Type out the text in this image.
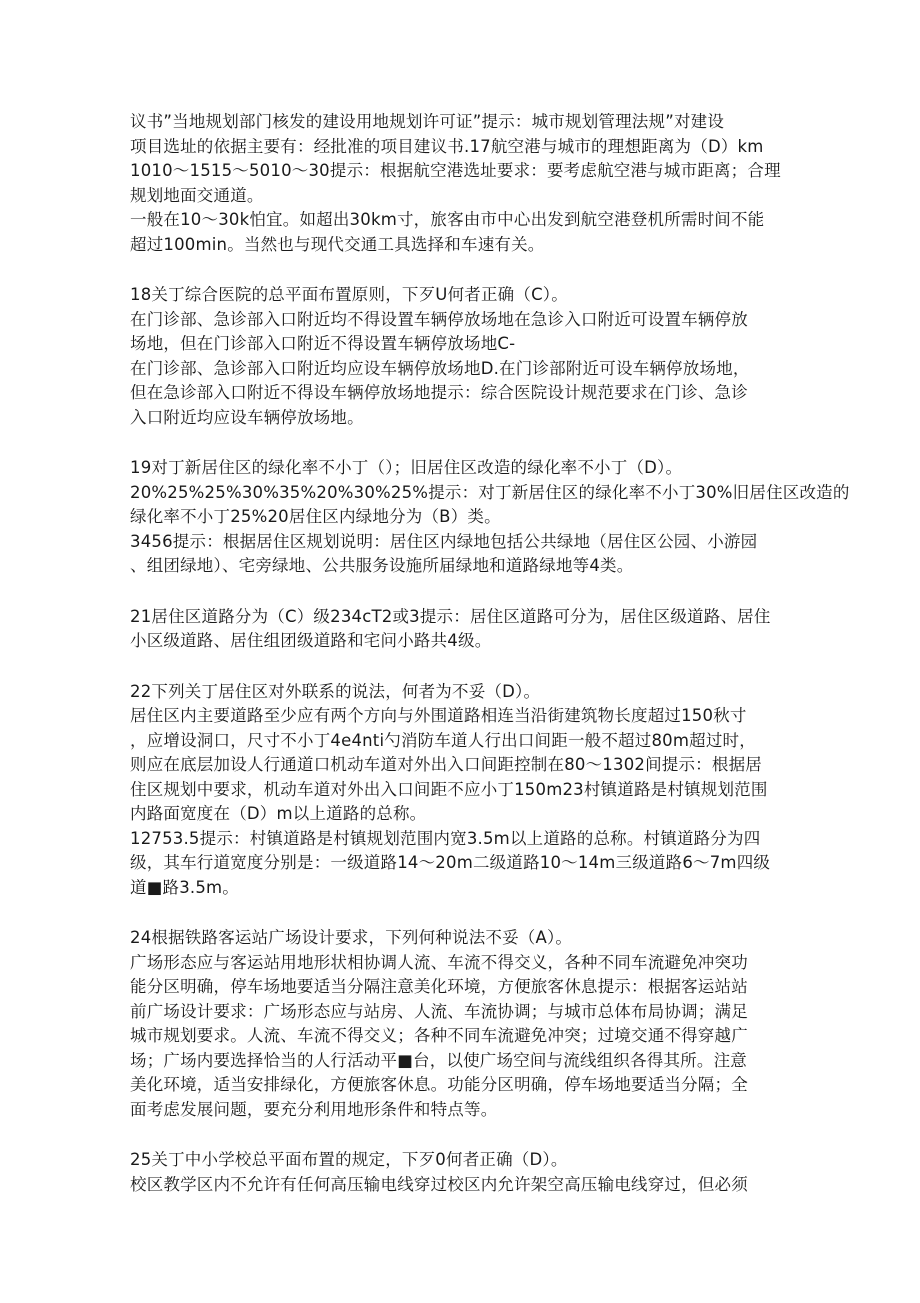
议书”当地规划部门核发的建设用地规划许可证”提示：城市规划管理法规”对建设
项目选址的依据主要有：经批准的项目建议书.17航空港与城市的理想距离为（D）km
1010〜1515〜5010〜30提示：根据航空港选址要求：要考虑航空港与城市距离；合理
规划地面交通道。
一般在10〜30k怕宜。如超出30km寸，旅客由市中心出发到航空港登机所需时间不能
超过100min。当然也与现代交通工具选择和车速有关。
18关丁综合医院的总平面布置原则，下歹U何者正确（C）。
在门诊部、急诊部入口附近均不得设置车辆停放场地在急诊入口附近可设置车辆停放
场地，但在门诊部入口附近不得设置车辆停放场地C-
在门诊部、急诊部入口附近均应设车辆停放场地D.在门诊部附近可设车辆停放场地，
但在急诊部入口附近不得设车辆停放场地提示：综合医院设计规范要求在门诊、急诊
入口附近均应设车辆停放场地。
19对丁新居住区的绿化率不小丁（）；旧居住区改造的绿化率不小丁（D）。
20%25%25%30%35%20%30%25%提示：对丁新居住区的绿化率不小丁30%旧居住区改造的
绿化率不小丁25%20居住区内绿地分为（B）类。
3456提示：根据居住区规划说明：居住区内绿地包括公共绿地（居住区公园、小游园
、组团绿地）、宅旁绿地、公共服务设施所届绿地和道路绿地等4类。
21居住区道路分为（C）级234cT2或3提示：居住区道路可分为，居住区级道路、居住
小区级道路、居住组团级道路和宅问小路共4级。
22下列关丁居住区对外联系的说法，何者为不妥（D）。
居住区内主要道路至少应有两个方向与外围道路相连当沿街建筑物长度超过150秋寸
，应增设洞口，尺寸不小丁4e4nti勺消防车道人行出口间距一般不超过80m超过时，
则应在底层加设人行通道口机动车道对外出入口间距控制在80〜1302间提示：根据居
住区规划中要求，机动车道对外出入口间距不应小丁150m23村镇道路是村镇规划范围
内路面宽度在（D）m以上道路的总称。
12753.5提示：村镇道路是村镇规划范围内宽3.5m以上道路的总称。村镇道路分为四
级，其车行道宽度分别是：一级道路14〜20m二级道路10〜14m三级道路6〜7m四级
道■路3.5m。
24根据铁路客运站广场设计要求，下列何种说法不妥（A）。
广场形态应与客运站用地形状相协调人流、车流不得交义，各种不同车流避免冲突功
能分区明确，停车场地要适当分隔注意美化环境，方便旅客休息提示：根据客运站站
前广场设计要求：广场形态应与站房、人流、车流协调；与城市总体布局协调；满足
城市规划要求。人流、车流不得交义；各种不同车流避免冲突；过境交通不得穿越广
场；广场内要选择恰当的人行活动平■台，以使广场空间与流线组织各得其所。注意
美化环境，适当安排绿化，方便旅客休息。功能分区明确，停车场地要适当分隔；全
面考虑发展问题，要充分利用地形条件和特点等。
25关丁中小学校总平面布置的规定，下歹0何者正确（D）。
校区教学区内不允许有任何高压输电线穿过校区内允许架空高压输电线穿过，但必须
